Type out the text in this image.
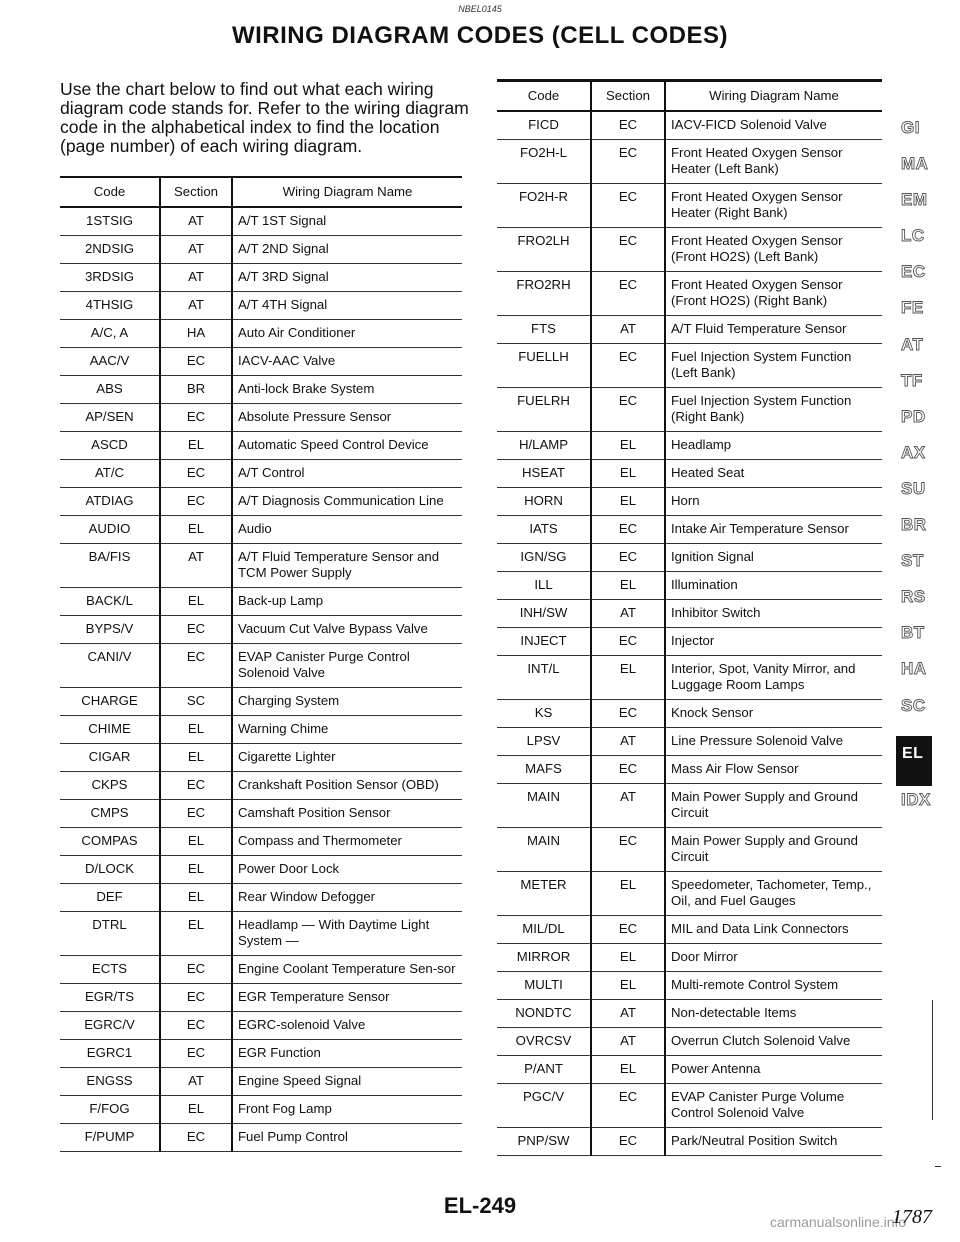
NBEL0145
WIRING DIAGRAM CODES (CELL CODES)
Use the chart below to find out what each wiring diagram code stands for. Refer to the wiring diagram code in the alphabetical index to find the location (page number) of each wiring diagram.
Code	Section	Wiring Diagram Name
1STSIG	AT	A/T 1ST Signal
2NDSIG	AT	A/T 2ND Signal
3RDSIG	AT	A/T 3RD Signal
4THSIG	AT	A/T 4TH Signal
A/C, A	HA	Auto Air Conditioner
AAC/V	EC	IACV-AAC Valve
ABS	BR	Anti-lock Brake System
AP/SEN	EC	Absolute Pressure Sensor
ASCD	EL	Automatic Speed Control Device
AT/C	EC	A/T Control
ATDIAG	EC	A/T Diagnosis Communication Line
AUDIO	EL	Audio
BA/FIS	AT	A/T Fluid Temperature Sensor and TCM Power Supply
BACK/L	EL	Back-up Lamp
BYPS/V	EC	Vacuum Cut Valve Bypass Valve
CANI/V	EC	EVAP Canister Purge Control Solenoid Valve
CHARGE	SC	Charging System
CHIME	EL	Warning Chime
CIGAR	EL	Cigarette Lighter
CKPS	EC	Crankshaft Position Sensor (OBD)
CMPS	EC	Camshaft Position Sensor
COMPAS	EL	Compass and Thermometer
D/LOCK	EL	Power Door Lock
DEF	EL	Rear Window Defogger
DTRL	EL	Headlamp — With Daytime Light System —
ECTS	EC	Engine Coolant Temperature Sen-sor
EGR/TS	EC	EGR Temperature Sensor
EGRC/V	EC	EGRC-solenoid Valve
EGRC1	EC	EGR Function
ENGSS	AT	Engine Speed Signal
F/FOG	EL	Front Fog Lamp
F/PUMP	EC	Fuel Pump Control
Code	Section	Wiring Diagram Name
FICD	EC	IACV-FICD Solenoid Valve
FO2H-L	EC	Front Heated Oxygen Sensor Heater (Left Bank)
FO2H-R	EC	Front Heated Oxygen Sensor Heater (Right Bank)
FRO2LH	EC	Front Heated Oxygen Sensor (Front HO2S) (Left Bank)
FRO2RH	EC	Front Heated Oxygen Sensor (Front HO2S) (Right Bank)
FTS	AT	A/T Fluid Temperature Sensor
FUELLH	EC	Fuel Injection System Function (Left Bank)
FUELRH	EC	Fuel Injection System Function (Right Bank)
H/LAMP	EL	Headlamp
HSEAT	EL	Heated Seat
HORN	EL	Horn
IATS	EC	Intake Air Temperature Sensor
IGN/SG	EC	Ignition Signal
ILL	EL	Illumination
INH/SW	AT	Inhibitor Switch
INJECT	EC	Injector
INT/L	EL	Interior, Spot, Vanity Mirror, and Luggage Room Lamps
KS	EC	Knock Sensor
LPSV	AT	Line Pressure Solenoid Valve
MAFS	EC	Mass Air Flow Sensor
MAIN	AT	Main Power Supply and Ground Circuit
MAIN	EC	Main Power Supply and Ground Circuit
METER	EL	Speedometer, Tachometer, Temp., Oil, and Fuel Gauges
MIL/DL	EC	MIL and Data Link Connectors
MIRROR	EL	Door Mirror
MULTI	EL	Multi-remote Control System
NONDTC	AT	Non-detectable Items
OVRCSV	AT	Overrun Clutch Solenoid Valve
P/ANT	EL	Power Antenna
PGC/V	EC	EVAP Canister Purge Volume Control Solenoid Valve
PNP/SW	EC	Park/Neutral Position Switch
GI
MA
EM
LC
EC
FE
AT
TF
PD
AX
SU
BR
ST
RS
BT
HA
SC
EL
IDX
EL-249
carmanualsonline.info
1787
